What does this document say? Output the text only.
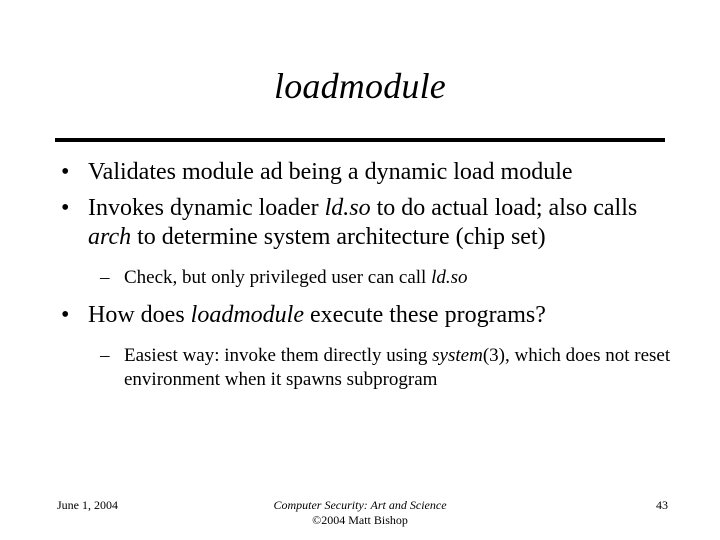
loadmodule
• Validates module ad being a dynamic load module
• Invokes dynamic loader ld.so to do actual load; also calls arch to determine system architecture (chip set)
– Check, but only privileged user can call ld.so
• How does loadmodule execute these programs?
– Easiest way: invoke them directly using system(3), which does not reset environment when it spawns subprogram
June 1, 2004	Computer Security: Art and Science
©2004 Matt Bishop
43
